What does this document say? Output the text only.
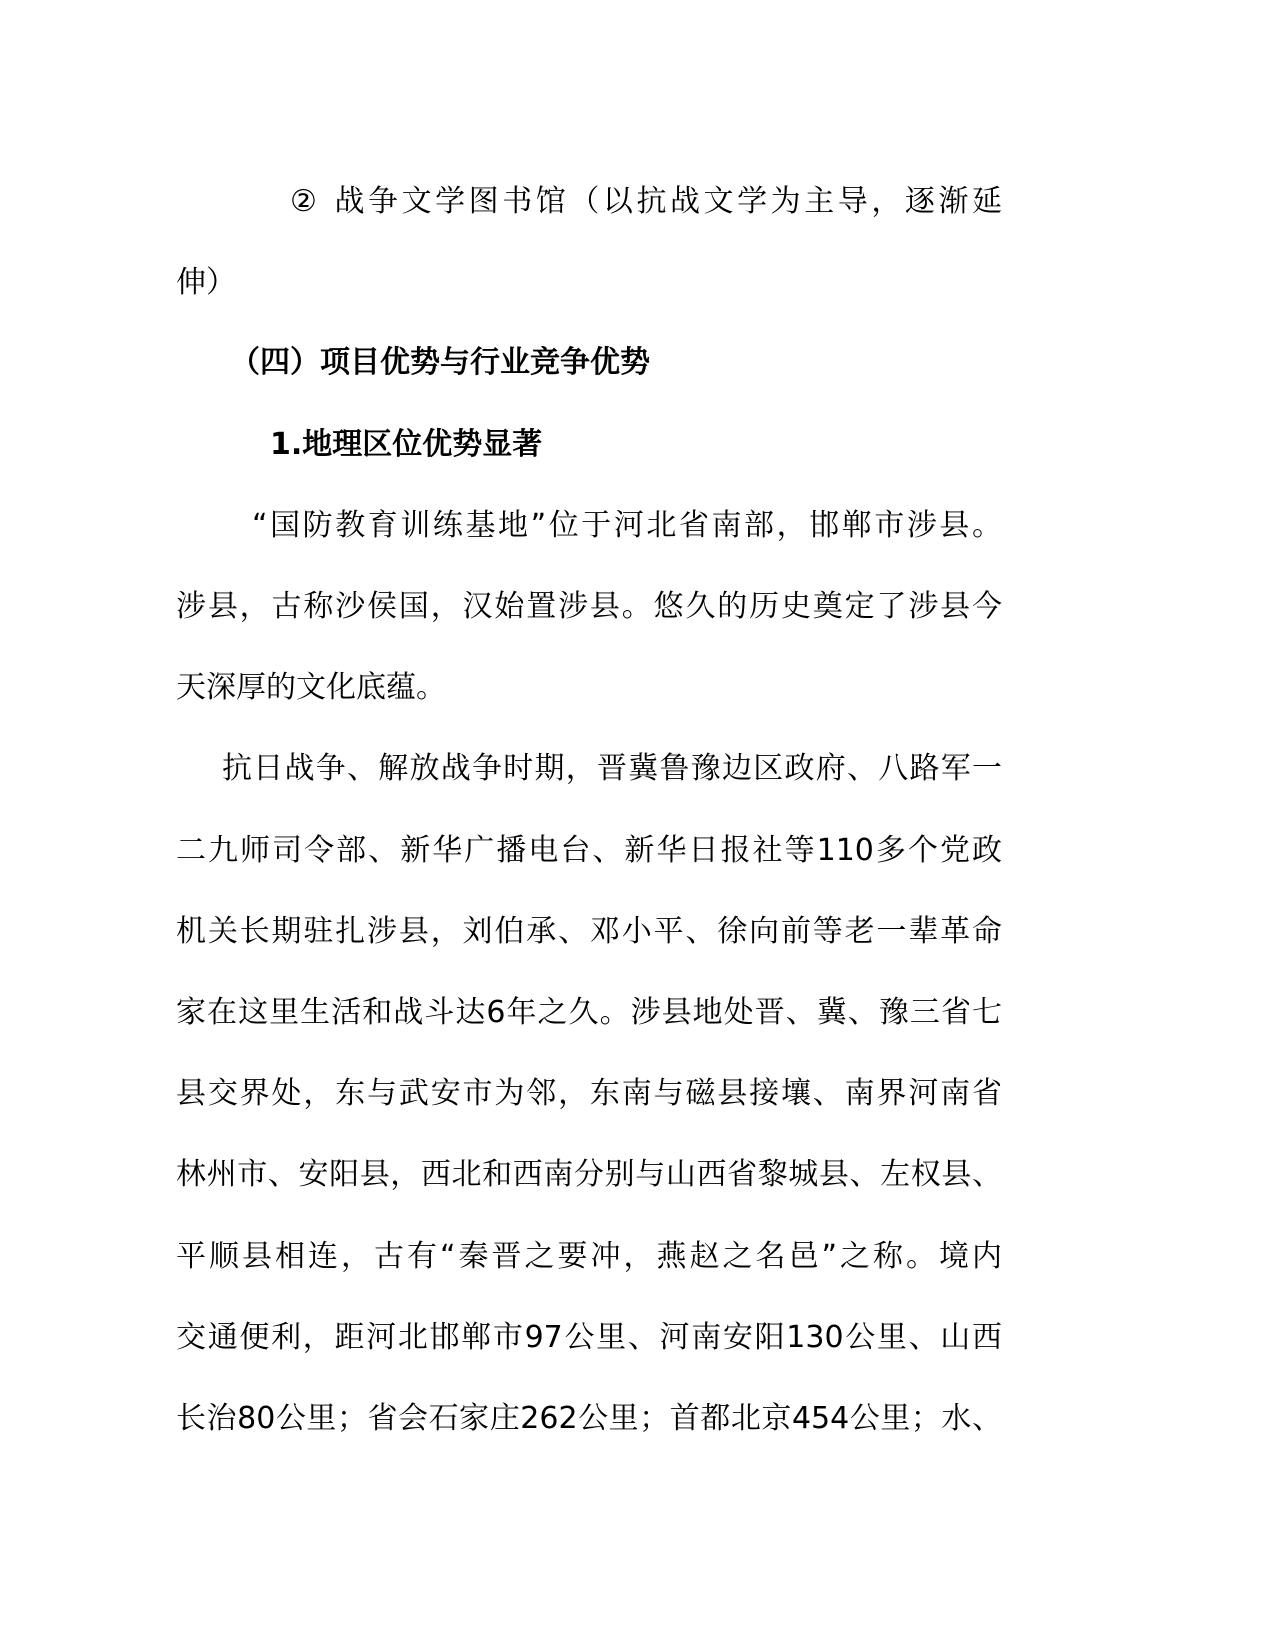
② 战争文学图书馆（以抗战文学为主导，逐渐延
伸）
（四）项目优势与行业竞争优势
1.地理区位优势显著
“国防教育训练基地”位于河北省南部，邯郸市涉县。
涉县，古称沙侯国，汉始置涉县。悠久的历史奠定了涉县今
天深厚的文化底蕴。
抗日战争、解放战争时期，晋冀鲁豫边区政府、八路军一
二九师司令部、新华广播电台、新华日报社等110多个党政
机关长期驻扎涉县，刘伯承、邓小平、徐向前等老一辈革命
家在这里生活和战斗达6年之久。涉县地处晋、冀、豫三省七
县交界处，东与武安市为邻，东南与磁县接壤、南界河南省
林州市、安阳县，西北和西南分别与山西省黎城县、左权县、
平顺县相连，古有“秦晋之要冲，燕赵之名邑”之称。境内
交通便利，距河北邯郸市97公里、河南安阳130公里、山西
长治80公里；省会石家庄262公里；首都北京454公里；水、
